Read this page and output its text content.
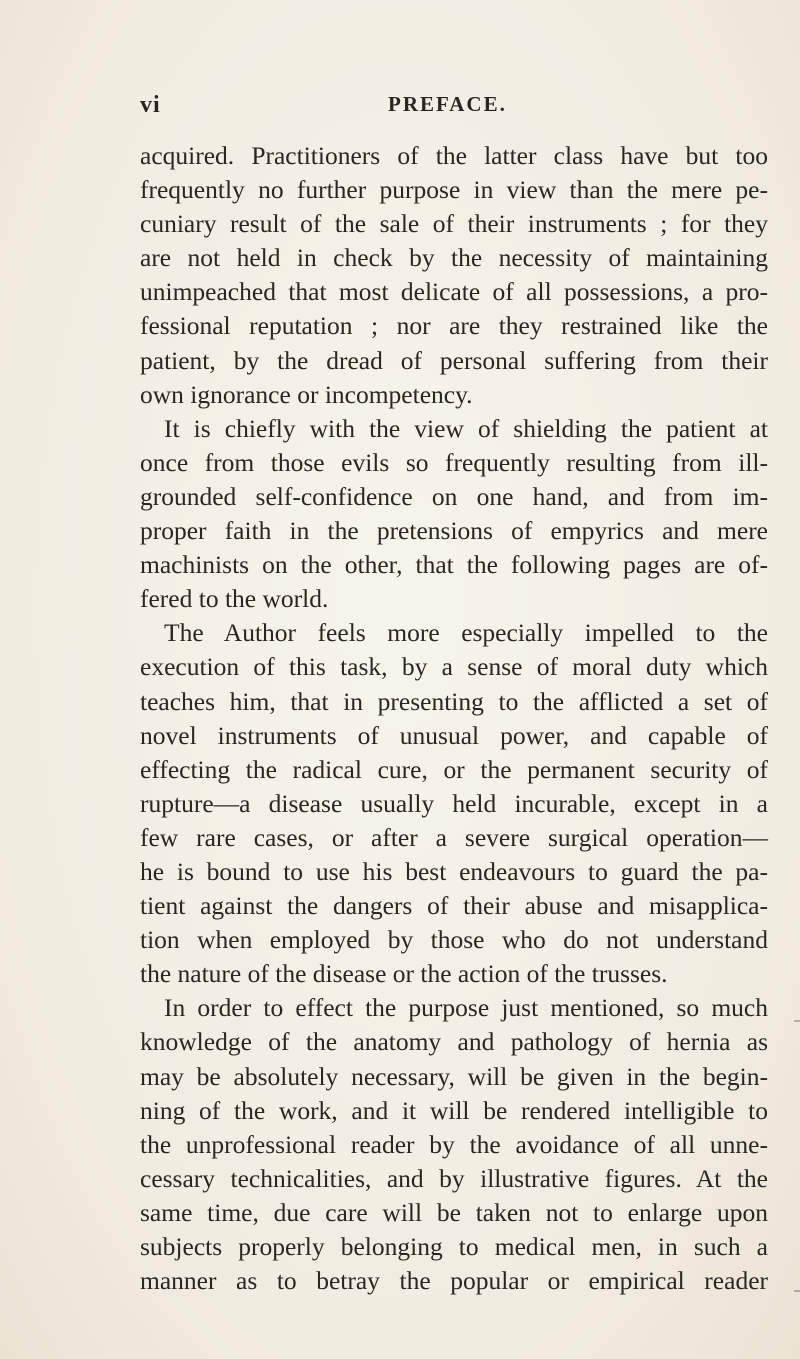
vi	PREFACE.
acquired. Practitioners of the latter class have but too
frequently no further purpose in view than the mere pe-
cuniary result of the sale of their instruments ; for they
are not held in check by the necessity of maintaining
unimpeached that most delicate of all possessions, a pro-
fessional reputation ; nor are they restrained like the
patient, by the dread of personal suffering from their
own ignorance or incompetency.
It is chiefly with the view of shielding the patient at
once from those evils so frequently resulting from ill-
grounded self-confidence on one hand, and from im-
proper faith in the pretensions of empyrics and mere
machinists on the other, that the following pages are of-
fered to the world.
The Author feels more especially impelled to the
execution of this task, by a sense of moral duty which
teaches him, that in presenting to the afflicted a set of
novel instruments of unusual power, and capable of
effecting the radical cure, or the permanent security of
rupture—a disease usually held incurable, except in a
few rare cases, or after a severe surgical operation—
he is bound to use his best endeavours to guard the pa-
tient against the dangers of their abuse and misapplica-
tion when employed by those who do not understand
the nature of the disease or the action of the trusses.
In order to effect the purpose just mentioned, so much
knowledge of the anatomy and pathology of hernia as
may be absolutely necessary, will be given in the begin-
ning of the work, and it will be rendered intelligible to
the unprofessional reader by the avoidance of all unne-
cessary technicalities, and by illustrative figures. At the
same time, due care will be taken not to enlarge upon
subjects properly belonging to medical men, in such a
manner as to betray the popular or empirical reader
